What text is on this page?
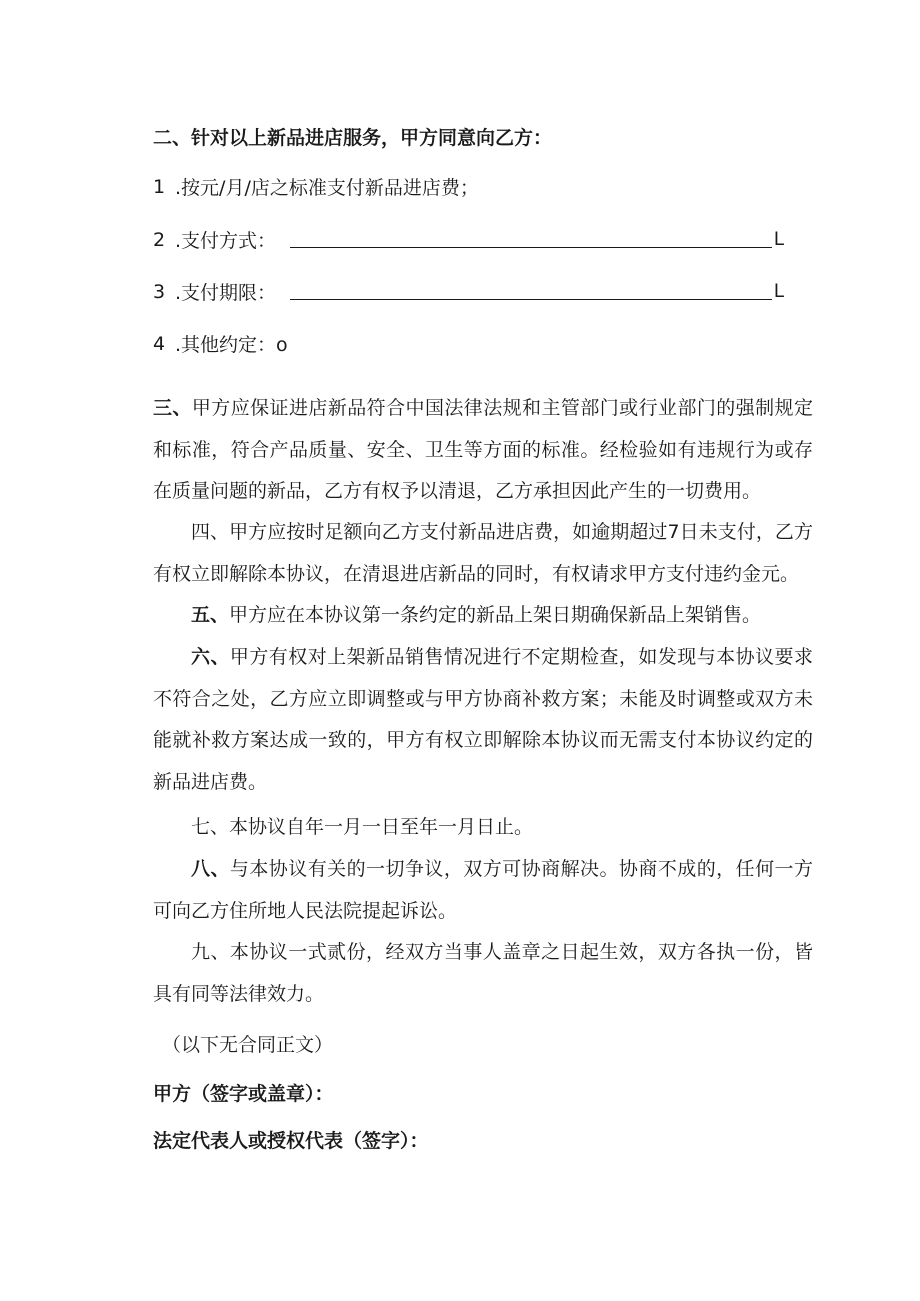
二、针对以上新品进店服务，甲方同意向乙方：
1 .按元/月/店之标准支付新品进店费；
2 .支付方式：	L
3 .支付期限：	L
4 .其他约定：o
三、甲方应保证进店新品符合中国法律法规和主管部门或行业部门的强制规定和标准，符合产品质量、安全、卫生等方面的标准。经检验如有违规行为或存在质量问题的新品，乙方有权予以清退，乙方承担因此产生的一切费用。
四、甲方应按时足额向乙方支付新品进店费，如逾期超过7日未支付，乙方有权立即解除本协议，在清退进店新品的同时，有权请求甲方支付违约金元。
五、甲方应在本协议第一条约定的新品上架日期确保新品上架销售。
六、甲方有权对上架新品销售情况进行不定期检查，如发现与本协议要求不符合之处，乙方应立即调整或与甲方协商补救方案；未能及时调整或双方未能就补救方案达成一致的，甲方有权立即解除本协议而无需支付本协议约定的新品进店费。
七、本协议自年一月一日至年一月日止。
八、与本协议有关的一切争议，双方可协商解决。协商不成的，任何一方可向乙方住所地人民法院提起诉讼。
九、本协议一式贰份，经双方当事人盖章之日起生效，双方各执一份，皆具有同等法律效力。
（以下无合同正文）
甲方（签字或盖章）：
法定代表人或授权代表（签字）：
